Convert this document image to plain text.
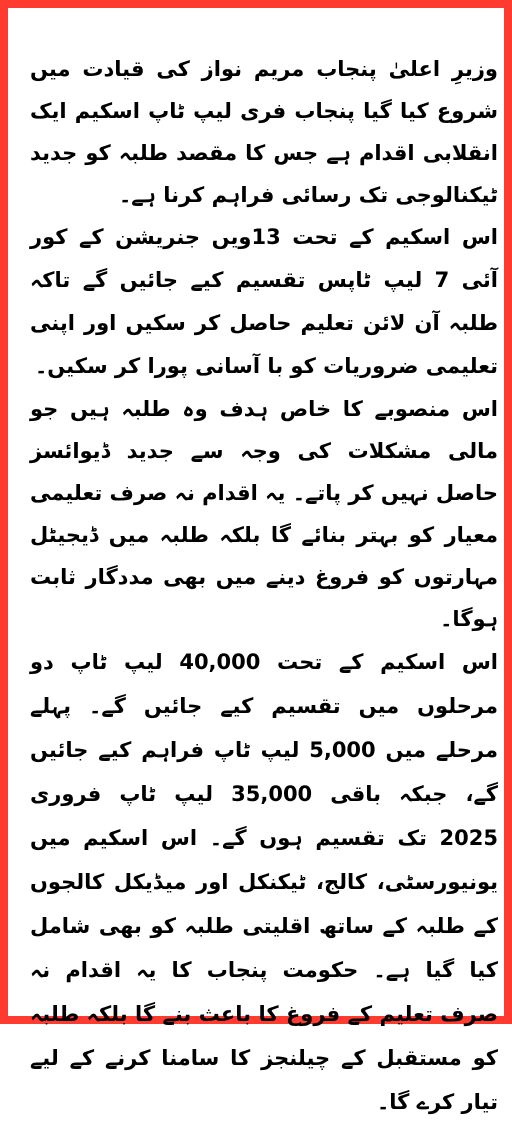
وزیرِ اعلیٰ پنجاب مریم نواز کی قیادت میں شروع کیا گیا پنجاب فری لیپ ٹاپ اسکیم ایک انقلابی اقدام ہے جس کا مقصد طلبہ کو جدید ٹیکنالوجی تک رسائی فراہم کرنا ہے۔

اس اسکیم کے تحت 13ویں جنریشن کے کور آئی 7 لیپ ٹاپس تقسیم کیے جائیں گے تاکہ طلبہ آن لائن تعلیم حاصل کر سکیں اور اپنی تعلیمی ضروریات کو با آسانی پورا کر سکیں۔

اس منصوبے کا خاص ہدف وہ طلبہ ہیں جو مالی مشکلات کی وجہ سے جدید ڈیوائسز حاصل نہیں کر پاتے۔ یہ اقدام نہ صرف تعلیمی معیار کو بہتر بنائے گا بلکہ طلبہ میں ڈیجیٹل مہارتوں کو فروغ دینے میں بھی مددگار ثابت ہوگا۔

اس اسکیم کے تحت 40,000 لیپ ٹاپ دو مرحلوں میں تقسیم کیے جائیں گے۔ پہلے مرحلے میں 5,000 لیپ ٹاپ فراہم کیے جائیں گے، جبکہ باقی 35,000 لیپ ٹاپ فروری 2025 تک تقسیم ہوں گے۔ اس اسکیم میں یونیورسٹی، کالج، ٹیکنکل اور میڈیکل کالجوں کے طلبہ کے ساتھ اقلیتی طلبہ کو بھی شامل کیا گیا ہے۔ حکومت پنجاب کا یہ اقدام نہ صرف تعلیم کے فروغ کا باعث بنے گا بلکہ طلبہ کو مستقبل کے چیلنجز کا سامنا کرنے کے لیے تیار کرے گا۔
